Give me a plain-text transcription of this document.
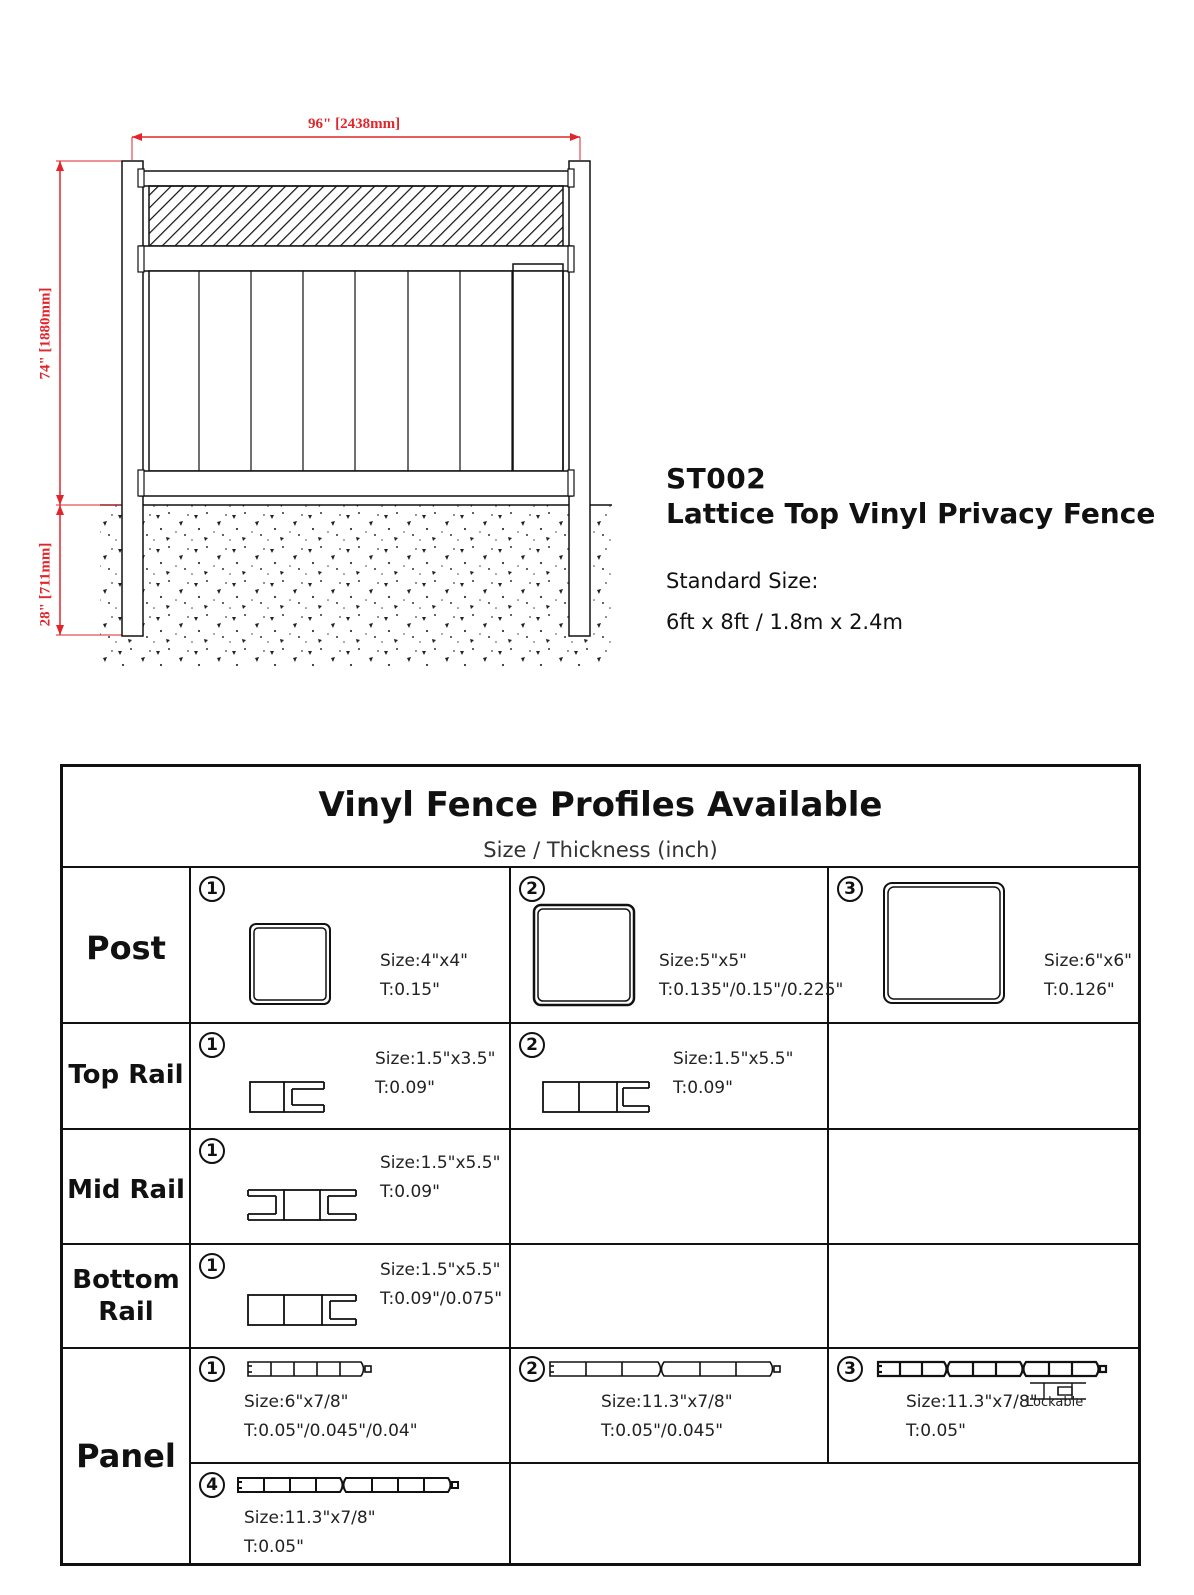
96" [2438mm]
74" [1880mm]
28" [711mm]
ST002
Lattice Top Vinyl Privacy Fence
Standard Size:
6ft x 8ft / 1.8m x 2.4m
Vinyl Fence Profiles Available
Size / Thickness (inch)
Post
Top Rail
Mid Rail
Bottom
Rail
Panel
1
Size:4"x4"
T:0.15"
2
Size:5"x5"
T:0.135"/0.15"/0.225"
3
Size:6"x6"
T:0.126"
1
Size:1.5"x3.5"
T:0.09"
2
Size:1.5"x5.5"
T:0.09"
1
Size:1.5"x5.5"
T:0.09"
1	Size:1.5"x5.5"
T:0.09"/0.075"
1
Size:6"x7/8"
T:0.05"/0.045"/0.04"
2
Size:11.3"x7/8"
T:0.05"/0.045"
3
Size:11.3"x7/8"
Lockable
T:0.05"
4
Size:11.3"x7/8"
T:0.05"
